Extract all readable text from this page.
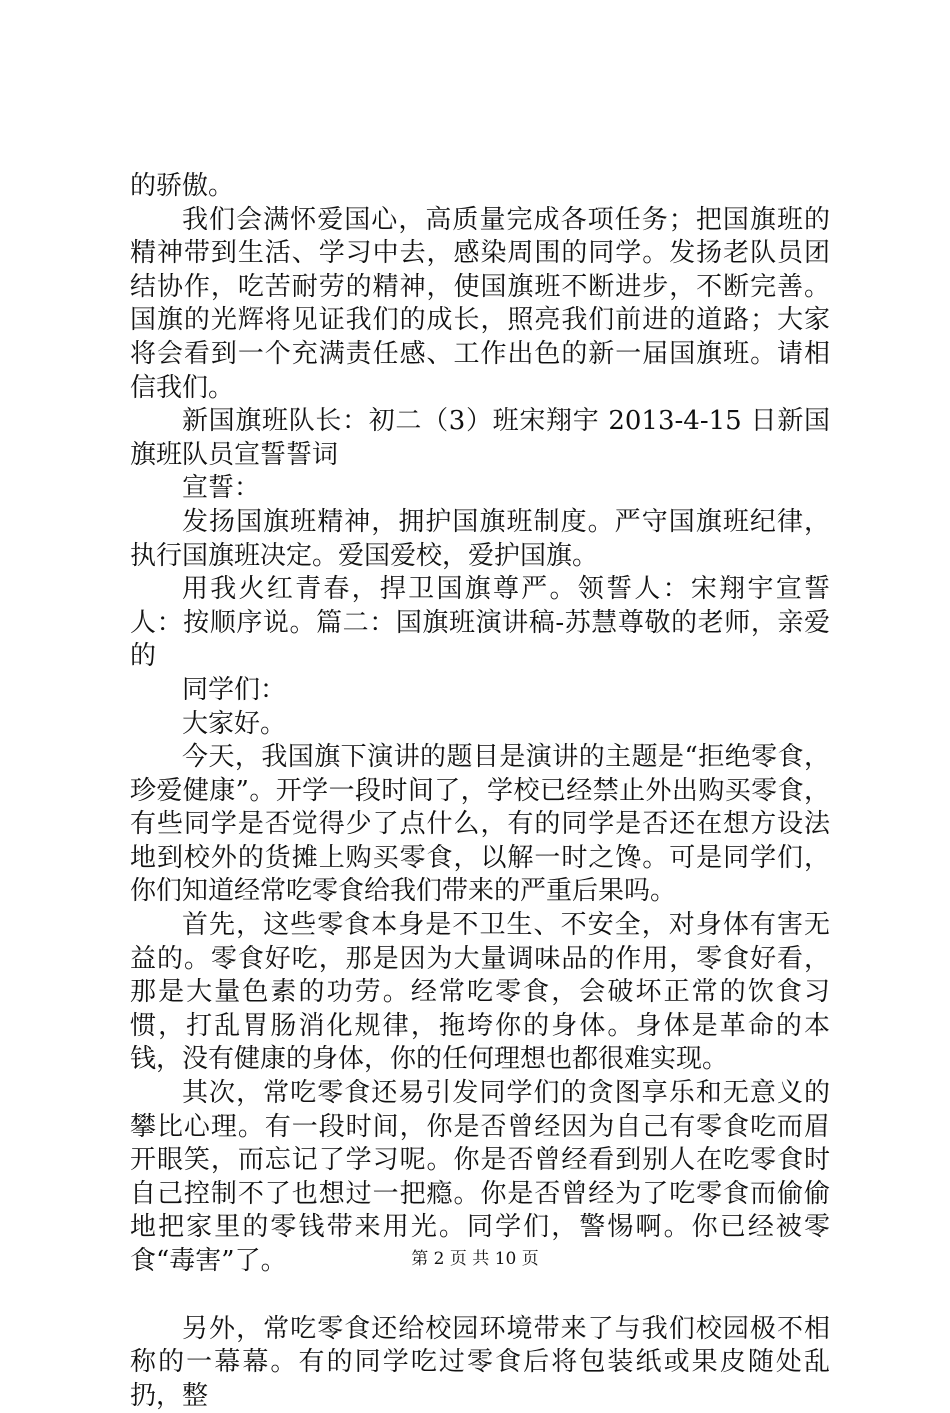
的骄傲。

我们会满怀爱国心，高质量完成各项任务；把国旗班的精神带到生活、学习中去，感染周围的同学。发扬老队员团结协作，吃苦耐劳的精神，使国旗班不断进步，不断完善。国旗的光辉将见证我们的成长，照亮我们前进的道路；大家将会看到一个充满责任感、工作出色的新一届国旗班。请相信我们。

新国旗班队长：初二（3）班宋翔宇 2013-4-15 日新国旗班队员宣誓誓词

宣誓：

发扬国旗班精神，拥护国旗班制度。严守国旗班纪律，执行国旗班决定。爱国爱校，爱护国旗。

用我火红青春，捍卫国旗尊严。领誓人：宋翔宇宣誓人：按顺序说。篇二：国旗班演讲稿-苏慧尊敬的老师，亲爱的

同学们：

大家好。

今天，我国旗下演讲的题目是演讲的主题是“拒绝零食，珍爱健康”。开学一段时间了，学校已经禁止外出购买零食，有些同学是否觉得少了点什么，有的同学是否还在想方设法地到校外的货摊上购买零食，以解一时之馋。可是同学们，你们知道经常吃零食给我们带来的严重后果吗。

首先，这些零食本身是不卫生、不安全，对身体有害无益的。零食好吃，那是因为大量调味品的作用，零食好看，那是大量色素的功劳。经常吃零食，会破坏正常的饮食习惯，打乱胃肠消化规律，拖垮你的身体。身体是革命的本钱，没有健康的身体，你的任何理想也都很难实现。

其次，常吃零食还易引发同学们的贪图享乐和无意义的攀比心理。有一段时间，你是否曾经因为自己有零食吃而眉开眼笑，而忘记了学习呢。你是否曾经看到别人在吃零食时自己控制不了也想过一把瘾。你是否曾经为了吃零食而偷偷地把家里的零钱带来用光。同学们，警惕啊。你已经被零食“毒害”了。

另外，常吃零食还给校园环境带来了与我们校园极不相称的一幕幕。有的同学吃过零食后将包装纸或果皮随处乱扔，整

第 2 页 共 10 页
